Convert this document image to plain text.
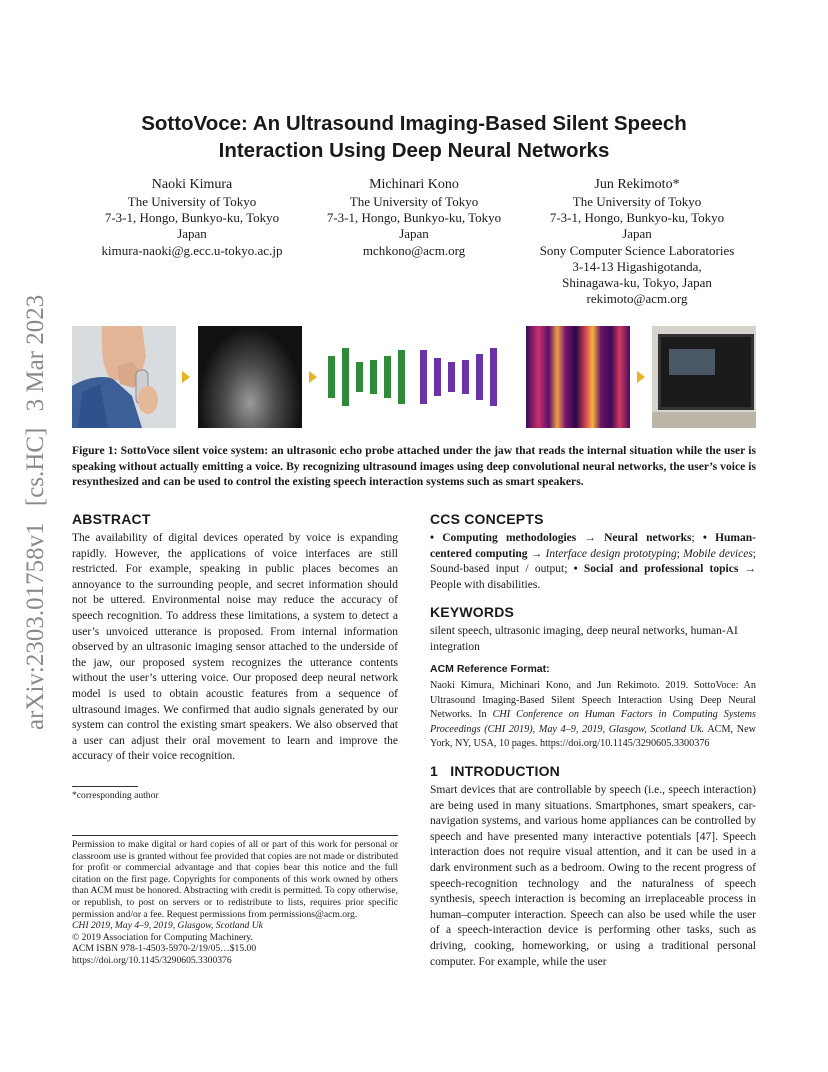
arXiv:2303.01758v1 [cs.HC] 3 Mar 2023
SottoVoce: An Ultrasound Imaging-Based Silent Speech
Interaction Using Deep Neural Networks
Naoki Kimura
The University of Tokyo
7-3-1, Hongo, Bunkyo-ku, Tokyo
Japan
kimura-naoki@g.ecc.u-tokyo.ac.jp
Michinari Kono
The University of Tokyo
7-3-1, Hongo, Bunkyo-ku, Tokyo
Japan
mchkono@acm.org
Jun Rekimoto*
The University of Tokyo
7-3-1, Hongo, Bunkyo-ku, Tokyo
Japan
Sony Computer Science Laboratories
3-14-13 Higashigotanda,
Shinagawa-ku, Tokyo, Japan
rekimoto@acm.org
Figure 1: SottoVoce silent voice system: an ultrasonic echo probe attached under the jaw that reads the internal situation while the user is speaking without actually emitting a voice. By recognizing ultrasound images using deep convolutional neural networks, the user’s voice is resynthesized and can be used to control the existing speech interaction systems such as smart speakers.
ABSTRACT
The availability of digital devices operated by voice is expanding rapidly. However, the applications of voice interfaces are still restricted. For example, speaking in public places becomes an annoyance to the surrounding people, and secret information should not be uttered. Environmental noise may reduce the accuracy of speech recognition. To address these limitations, a system to detect a user’s unvoiced utterance is proposed. From internal information observed by an ultrasonic imaging sensor attached to the underside of the jaw, our proposed system recognizes the utterance contents without the user’s uttering voice. Our proposed deep neural network model is used to obtain acoustic features from a sequence of ultrasound images. We confirmed that audio signals generated by our system can control the existing smart speakers. We also observed that a user can adjust their oral movement to learn and improve the accuracy of their voice recognition.
*corresponding author
Permission to make digital or hard copies of all or part of this work for personal or classroom use is granted without fee provided that copies are not made or distributed for profit or commercial advantage and that copies bear this notice and the full citation on the first page. Copyrights for components of this work owned by others than ACM must be honored. Abstracting with credit is permitted. To copy otherwise, or republish, to post on servers or to redistribute to lists, requires prior specific permission and/or a fee. Request permissions from permissions@acm.org.
CHI 2019, May 4–9, 2019, Glasgow, Scotland Uk
© 2019 Association for Computing Machinery.
ACM ISBN 978-1-4503-5970-2/19/05…$15.00
https://doi.org/10.1145/3290605.3300376
CCS CONCEPTS
• Computing methodologies → Neural networks; • Human-centered computing → Interface design prototyping; Mobile devices; Sound-based input / output; • Social and professional topics → People with disabilities.
KEYWORDS
silent speech, ultrasonic imaging, deep neural networks, human-AI integration
ACM Reference Format:
Naoki Kimura, Michinari Kono, and Jun Rekimoto. 2019. SottoVoce: An Ultrasound Imaging-Based Silent Speech Interaction Using Deep Neural Networks. In CHI Conference on Human Factors in Computing Systems Proceedings (CHI 2019), May 4–9, 2019, Glasgow, Scotland Uk. ACM, New York, NY, USA, 10 pages. https://doi.org/10.1145/3290605.3300376
1   INTRODUCTION
Smart devices that are controllable by speech (i.e., speech interaction) are being used in many situations. Smartphones, smart speakers, car-navigation systems, and various home appliances can be controlled by speech and have presented many interactive potentials [47]. Speech interaction does not require visual attention, and it can be used in a dark environment such as a bedroom. Owing to the recent progress of speech-recognition technology and the naturalness of speech synthesis, speech interaction is becoming an irreplaceable process in human–computer interaction. Speech can also be used while the user of a speech-interaction device is performing other tasks, such as driving, cooking, homeworking, or using a traditional personal computer. For example, while the user
